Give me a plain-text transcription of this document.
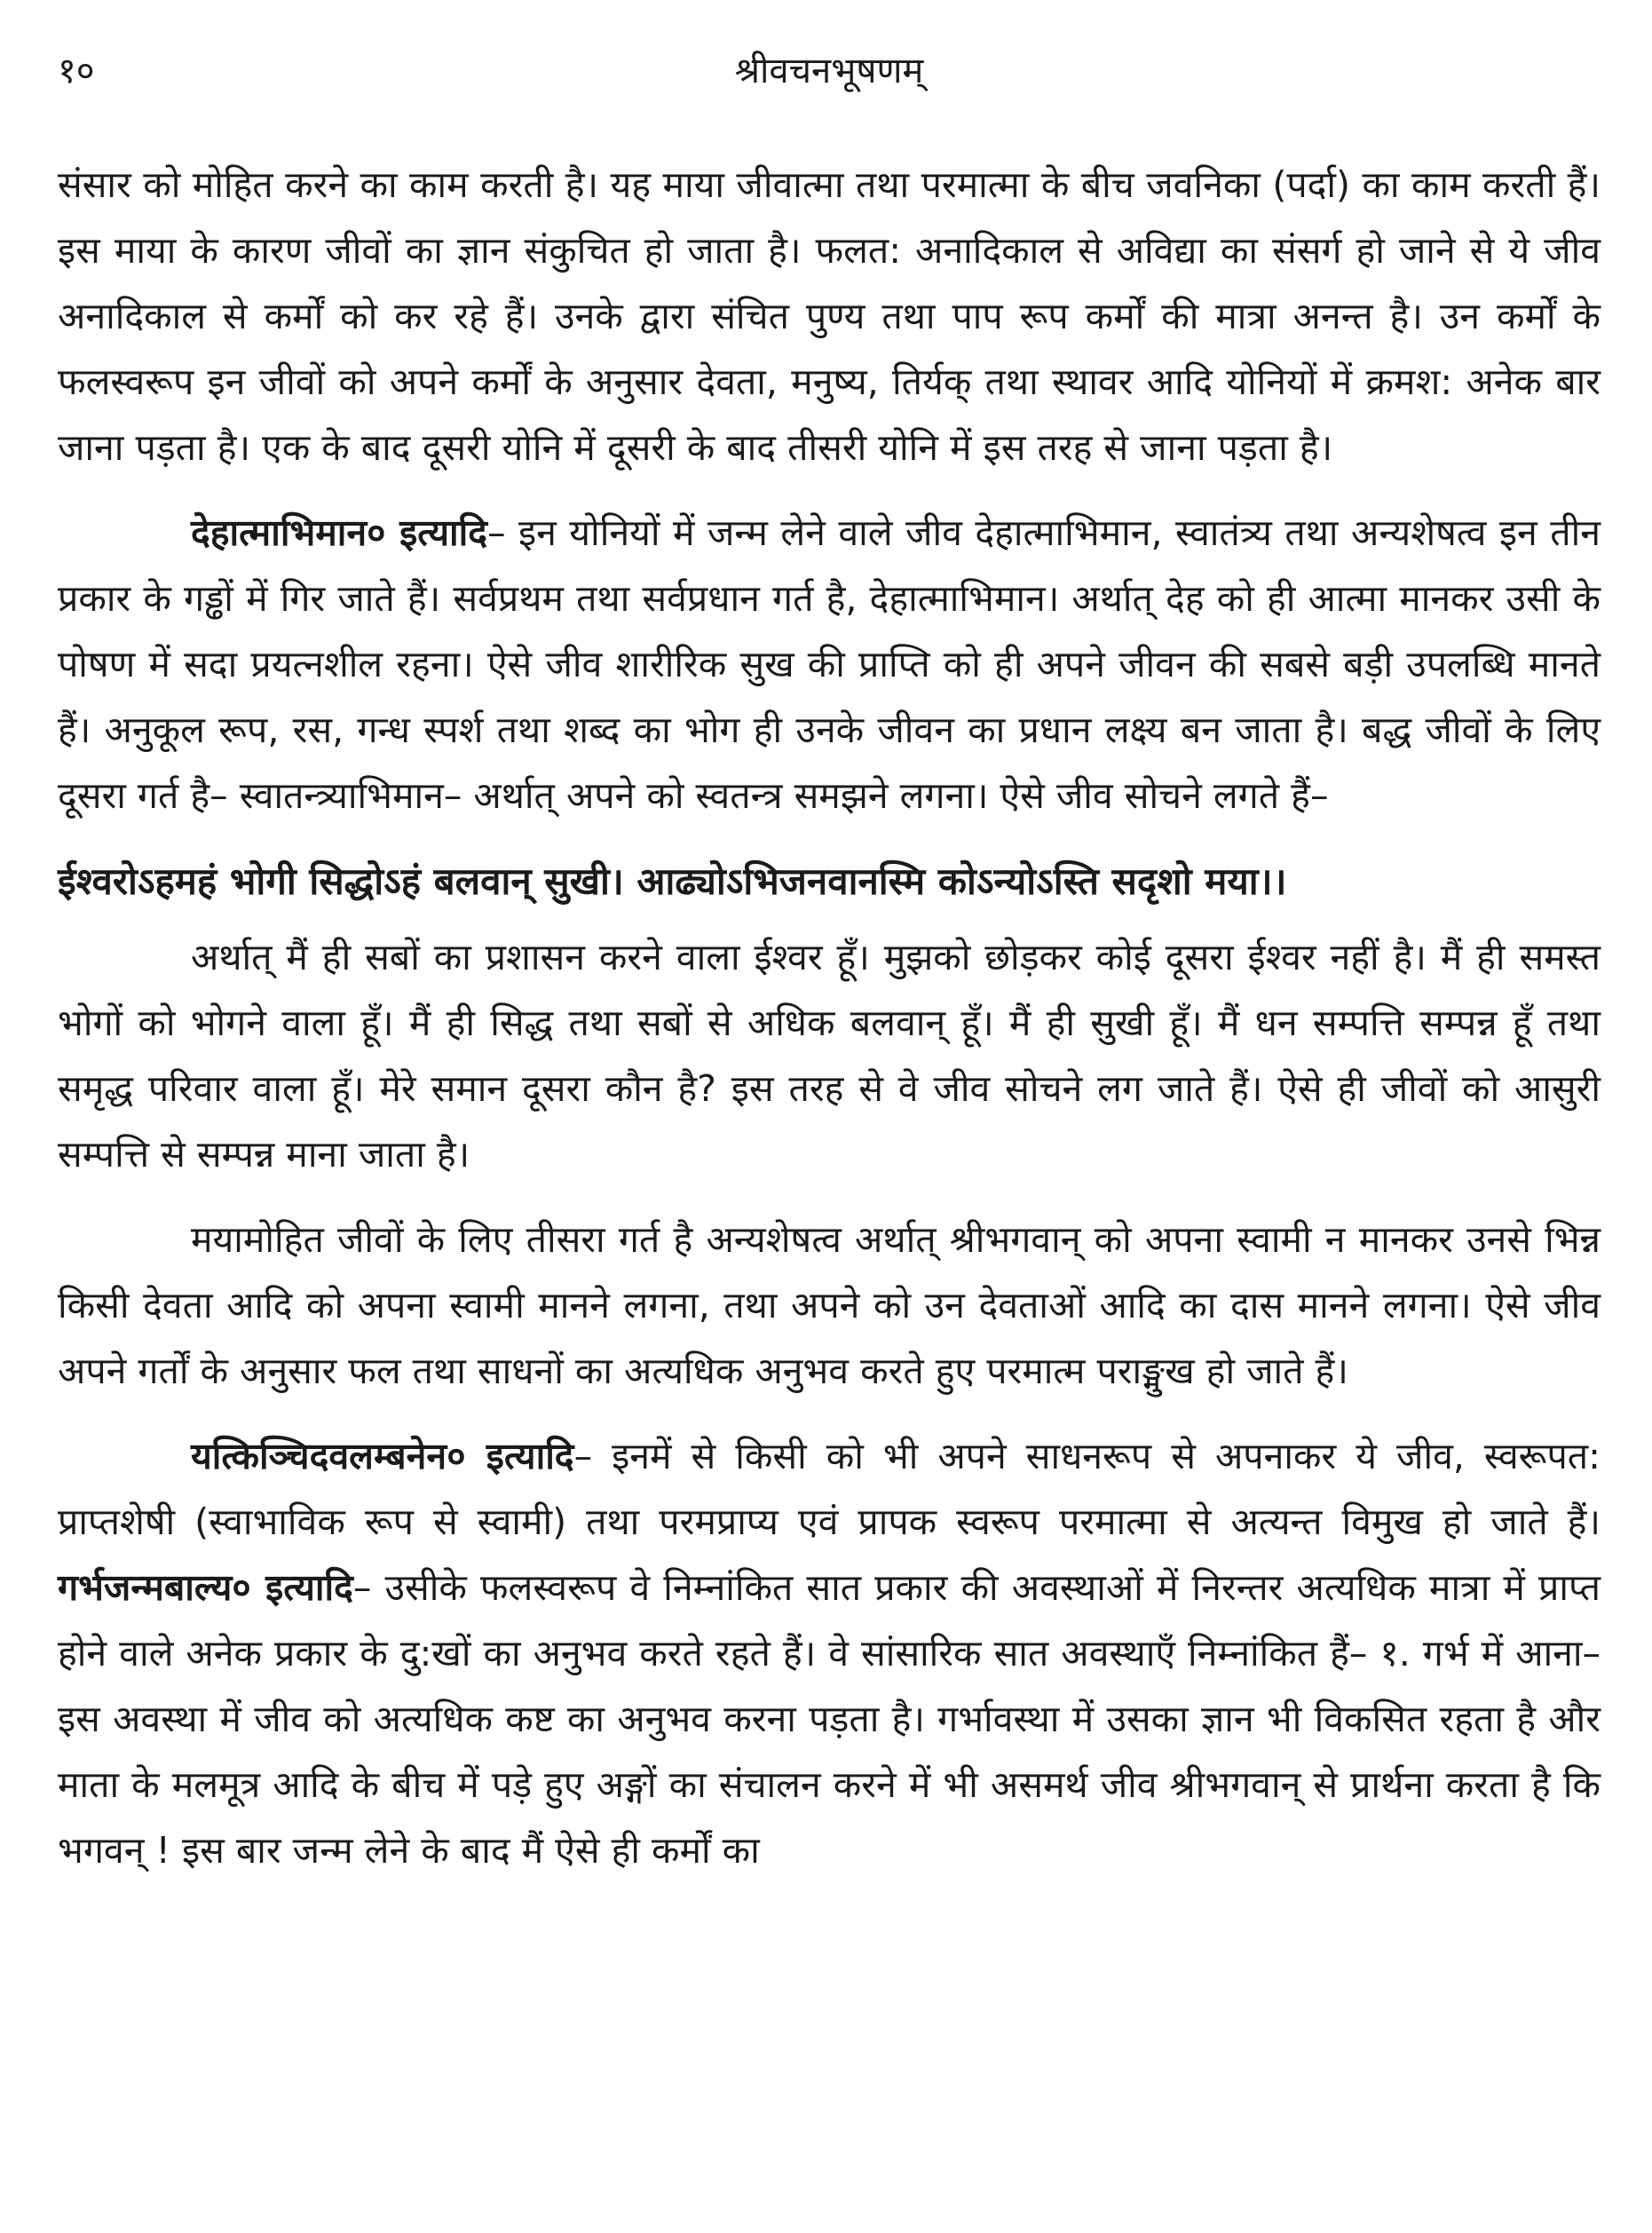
१०	श्रीवचनभूषणम्

संसार को मोहित करने का काम करती है। यह माया जीवात्मा तथा परमात्मा के बीच जवनिका (पर्दा) का काम करती हैं। इस माया के कारण जीवों का ज्ञान संकुचित हो जाता है। फलत: अनादिकाल से अविद्या का संसर्ग हो जाने से ये जीव अनादिकाल से कर्मों को कर रहे हैं। उनके द्वारा संचित पुण्य तथा पाप रूप कर्मों की मात्रा अनन्त है। उन कर्मों के फलस्वरूप इन जीवों को अपने कर्मों के अनुसार देवता, मनुष्य, तिर्यक् तथा स्थावर आदि योनियों में क्रमश: अनेक बार जाना पड़ता है। एक के बाद दूसरी योनि में दूसरी के बाद तीसरी योनि में इस तरह से जाना पड़ता है।

देहात्माभिमान० इत्यादि– इन योनियों में जन्म लेने वाले जीव देहात्माभिमान, स्वातंत्र्य तथा अन्यशेषत्व इन तीन प्रकार के गड्ढों में गिर जाते हैं। सर्वप्रथम तथा सर्वप्रधान गर्त है, देहात्माभिमान। अर्थात् देह को ही आत्मा मानकर उसी के पोषण में सदा प्रयत्नशील रहना। ऐसे जीव शारीरिक सुख की प्राप्ति को ही अपने जीवन की सबसे बड़ी उपलब्धि मानते हैं। अनुकूल रूप, रस, गन्ध स्पर्श तथा शब्द का भोग ही उनके जीवन का प्रधान लक्ष्य बन जाता है। बद्ध जीवों के लिए दूसरा गर्त है– स्वातन्त्र्याभिमान– अर्थात् अपने को स्वतन्त्र समझने लगना। ऐसे जीव सोचने लगते हैं–

ईश्वरोऽहमहं भोगी सिद्धोऽहं बलवान् सुखी। आढ्योऽभिजनवानस्मि कोऽन्योऽस्ति सदृशो मया।।

अर्थात् मैं ही सबों का प्रशासन करने वाला ईश्वर हूँ। मुझको छोड़कर कोई दूसरा ईश्वर नहीं है। मैं ही समस्त भोगों को भोगने वाला हूँ। मैं ही सिद्ध तथा सबों से अधिक बलवान् हूँ। मैं ही सुखी हूँ। मैं धन सम्पत्ति सम्पन्न हूँ तथा समृद्ध परिवार वाला हूँ। मेरे समान दूसरा कौन है? इस तरह से वे जीव सोचने लग जाते हैं। ऐसे ही जीवों को आसुरी सम्पत्ति से सम्पन्न माना जाता है।

मयामोहित जीवों के लिए तीसरा गर्त है अन्यशेषत्व अर्थात् श्रीभगवान् को अपना स्वामी न मानकर उनसे भिन्न किसी देवता आदि को अपना स्वामी मानने लगना, तथा अपने को उन देवताओं आदि का दास मानने लगना। ऐसे जीव अपने गर्तों के अनुसार फल तथा साधनों का अत्यधिक अनुभव करते हुए परमात्म पराङ्मुख हो जाते हैं।

यत्किञ्चिदवलम्बनेन० इत्यादि– इनमें से किसी को भी अपने साधनरूप से अपनाकर ये जीव, स्वरूपत: प्राप्तशेषी (स्वाभाविक रूप से स्वामी) तथा परमप्राप्य एवं प्रापक स्वरूप परमात्मा से अत्यन्त विमुख हो जाते हैं। गर्भजन्मबाल्य० इत्यादि– उसीके फलस्वरूप वे निम्नांकित सात प्रकार की अवस्थाओं में निरन्तर अत्यधिक मात्रा में प्राप्त होने वाले अनेक प्रकार के दु:खों का अनुभव करते रहते हैं। वे सांसारिक सात अवस्थाएँ निम्नांकित हैं– १. गर्भ में आना– इस अवस्था में जीव को अत्यधिक कष्ट का अनुभव करना पड़ता है। गर्भावस्था में उसका ज्ञान भी विकसित रहता है और माता के मलमूत्र आदि के बीच में पड़े हुए अङ्गों का संचालन करने में भी असमर्थ जीव श्रीभगवान् से प्रार्थना करता है कि भगवन् ! इस बार जन्म लेने के बाद मैं ऐसे ही कर्मों का
